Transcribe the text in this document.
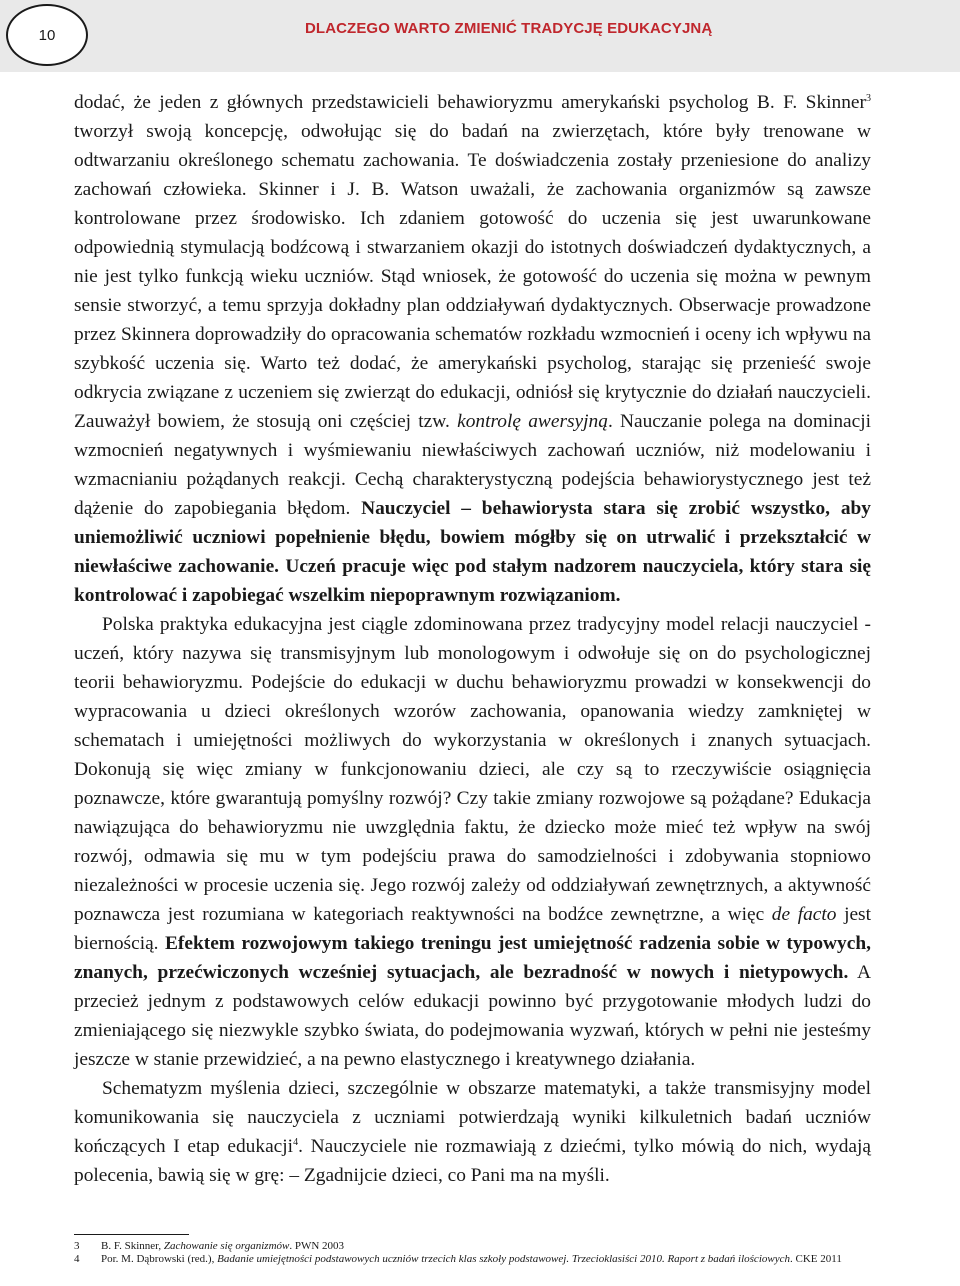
10	DLACZEGO WARTO ZMIENIĆ TRADYCJĘ EDUKACYJNĄ

dodać, że jeden z głównych przedstawicieli behawioryzmu amerykański psycholog B. F. Skinner$^3$ tworzył swoją koncepcję, odwołując się do badań na zwierzętach, które były trenowane w odtwarzaniu określonego schematu zachowania. Te doświadczenia zostały przeniesione do analizy zachowań człowieka. Skinner i J. B. Watson uważali, że zachowania organizmów są zawsze kontrolowane przez środowisko. Ich zdaniem gotowość do uczenia się jest uwarunkowane odpowiednią stymulacją bodźcową i stwarzaniem okazji do istotnych doświadczeń dydaktycznych, a nie jest tylko funkcją wieku uczniów. Stąd wniosek, że gotowość do uczenia się można w pewnym sensie stworzyć, a temu sprzyja dokładny plan oddziaływań dydaktycznych. Obserwacje prowadzone przez Skinnera doprowadziły do opracowania schematów rozkładu wzmocnień i oceny ich wpływu na szybkość uczenia się. Warto też dodać, że amerykański psycholog, starając się przenieść swoje odkrycia związane z uczeniem się zwierząt do edukacji, odniósł się krytycznie do działań nauczycieli. Zauważył bowiem, że stosują oni częściej tzw. kontrolę awersyjną. Nauczanie polega na dominacji wzmocnień negatywnych i wyśmiewaniu niewłaściwych zachowań uczniów, niż modelowaniu i wzmacnianiu pożądanych reakcji. Cechą charakterystyczną podejścia behawiorystycznego jest też dążenie do zapobiegania błędom. Nauczyciel – behawiorysta stara się zrobić wszystko, aby uniemożliwić uczniowi popełnienie błędu, bowiem mógłby się on utrwalić i przekształcić w niewłaściwe zachowanie. Uczeń pracuje więc pod stałym nadzorem nauczyciela, który stara się kontrolować i zapobiegać wszelkim niepoprawnym rozwiązaniom.

Polska praktyka edukacyjna jest ciągle zdominowana przez tradycyjny model relacji nauczyciel -uczeń, który nazywa się transmisyjnym lub monologowym i odwołuje się on do psychologicznej teorii behawioryzmu. Podejście do edukacji w duchu behawioryzmu prowadzi w konsekwencji do wypracowania u dzieci określonych wzorów zachowania, opanowania wiedzy zamkniętej w schematach i umiejętności możliwych do wykorzystania w określonych i znanych sytuacjach. Dokonują się więc zmiany w funkcjonowaniu dzieci, ale czy są to rzeczywiście osiągnięcia poznawcze, które gwarantują pomyślny rozwój? Czy takie zmiany rozwojowe są pożądane? Edukacja nawiązująca do behawioryzmu nie uwzględnia faktu, że dziecko może mieć też wpływ na swój rozwój, odmawia się mu w tym podejściu prawa do samodzielności i zdobywania stopniowo niezależności w procesie uczenia się. Jego rozwój zależy od oddziaływań zewnętrznych, a aktywność poznawcza jest rozumiana w kategoriach reaktywności na bodźce zewnętrzne, a więc de facto jest biernością. Efektem rozwojowym takiego treningu jest umiejętność radzenia sobie w typowych, znanych, przećwiczonych wcześniej sytuacjach, ale bezradność w nowych i nietypowych. A przecież jednym z podstawowych celów edukacji powinno być przygotowanie młodych ludzi do zmieniającego się niezwykle szybko świata, do podejmowania wyzwań, których w pełni nie jesteśmy jeszcze w stanie przewidzieć, a na pewno elastycznego i kreatywnego działania.

Schematyzm myślenia dzieci, szczególnie w obszarze matematyki, a także transmisyjny model komunikowania się nauczyciela z uczniami potwierdzają wyniki kilkuletnich badań uczniów kończących I etap edukacji$^4$. Nauczyciele nie rozmawiają z dziećmi, tylko mówią do nich, wydają polecenia, bawią się w grę: – Zgadnijcie dzieci, co Pani ma na myśli.

3	B. F. Skinner, Zachowanie się organizmów. PWN 2003
4	Por. M. Dąbrowski (red.), Badanie umiejętności podstawowych uczniów trzecich klas szkoły podstawowej. Trzecioklasiści 2010. Raport z badań ilościowych. CKE 2011
